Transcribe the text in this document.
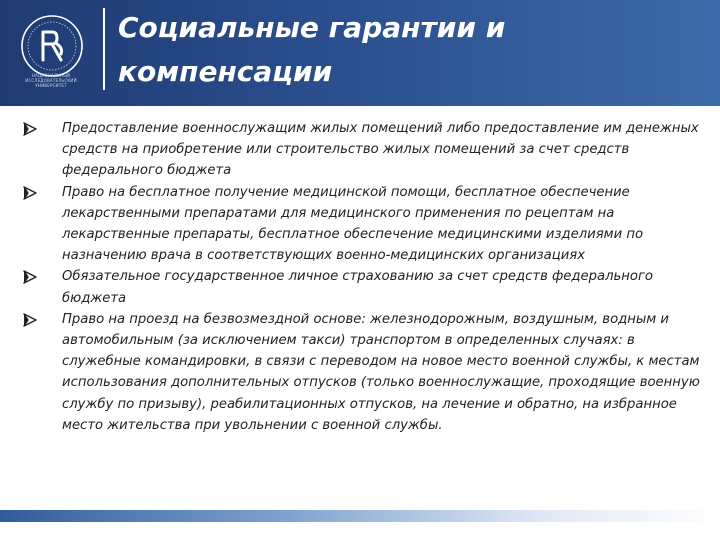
НАЦИОНАЛЬНЫЙ ИССЛЕДОВАТЕЛЬСКИЙ УНИВЕРСИТЕТ
Социальные гарантии и компенсации
Предоставление военнослужащим жилых помещений либо предоставление им денежных средств на приобретение или строительство жилых помещений за счет средств федерального бюджета
Право на бесплатное получение медицинской помощи, бесплатное обеспечение лекарственными препаратами для медицинского применения по рецептам на лекарственные препараты, бесплатное обеспечение медицинскими изделиями по назначению врача в соответствующих военно-медицинских организациях
Обязательное государственное личное страхованию за счет средств федерального бюджета
Право на проезд на безвозмездной основе: железнодорожным, воздушным, водным и автомобильным (за исключением такси) транспортом в определенных случаях: в служебные командировки, в связи с переводом на новое место военной службы, к местам использования дополнительных отпусков (только военнослужащие, проходящие военную службу по призыву), реабилитационных отпусков, на лечение и обратно, на избранное место жительства при увольнении с военной службы.
